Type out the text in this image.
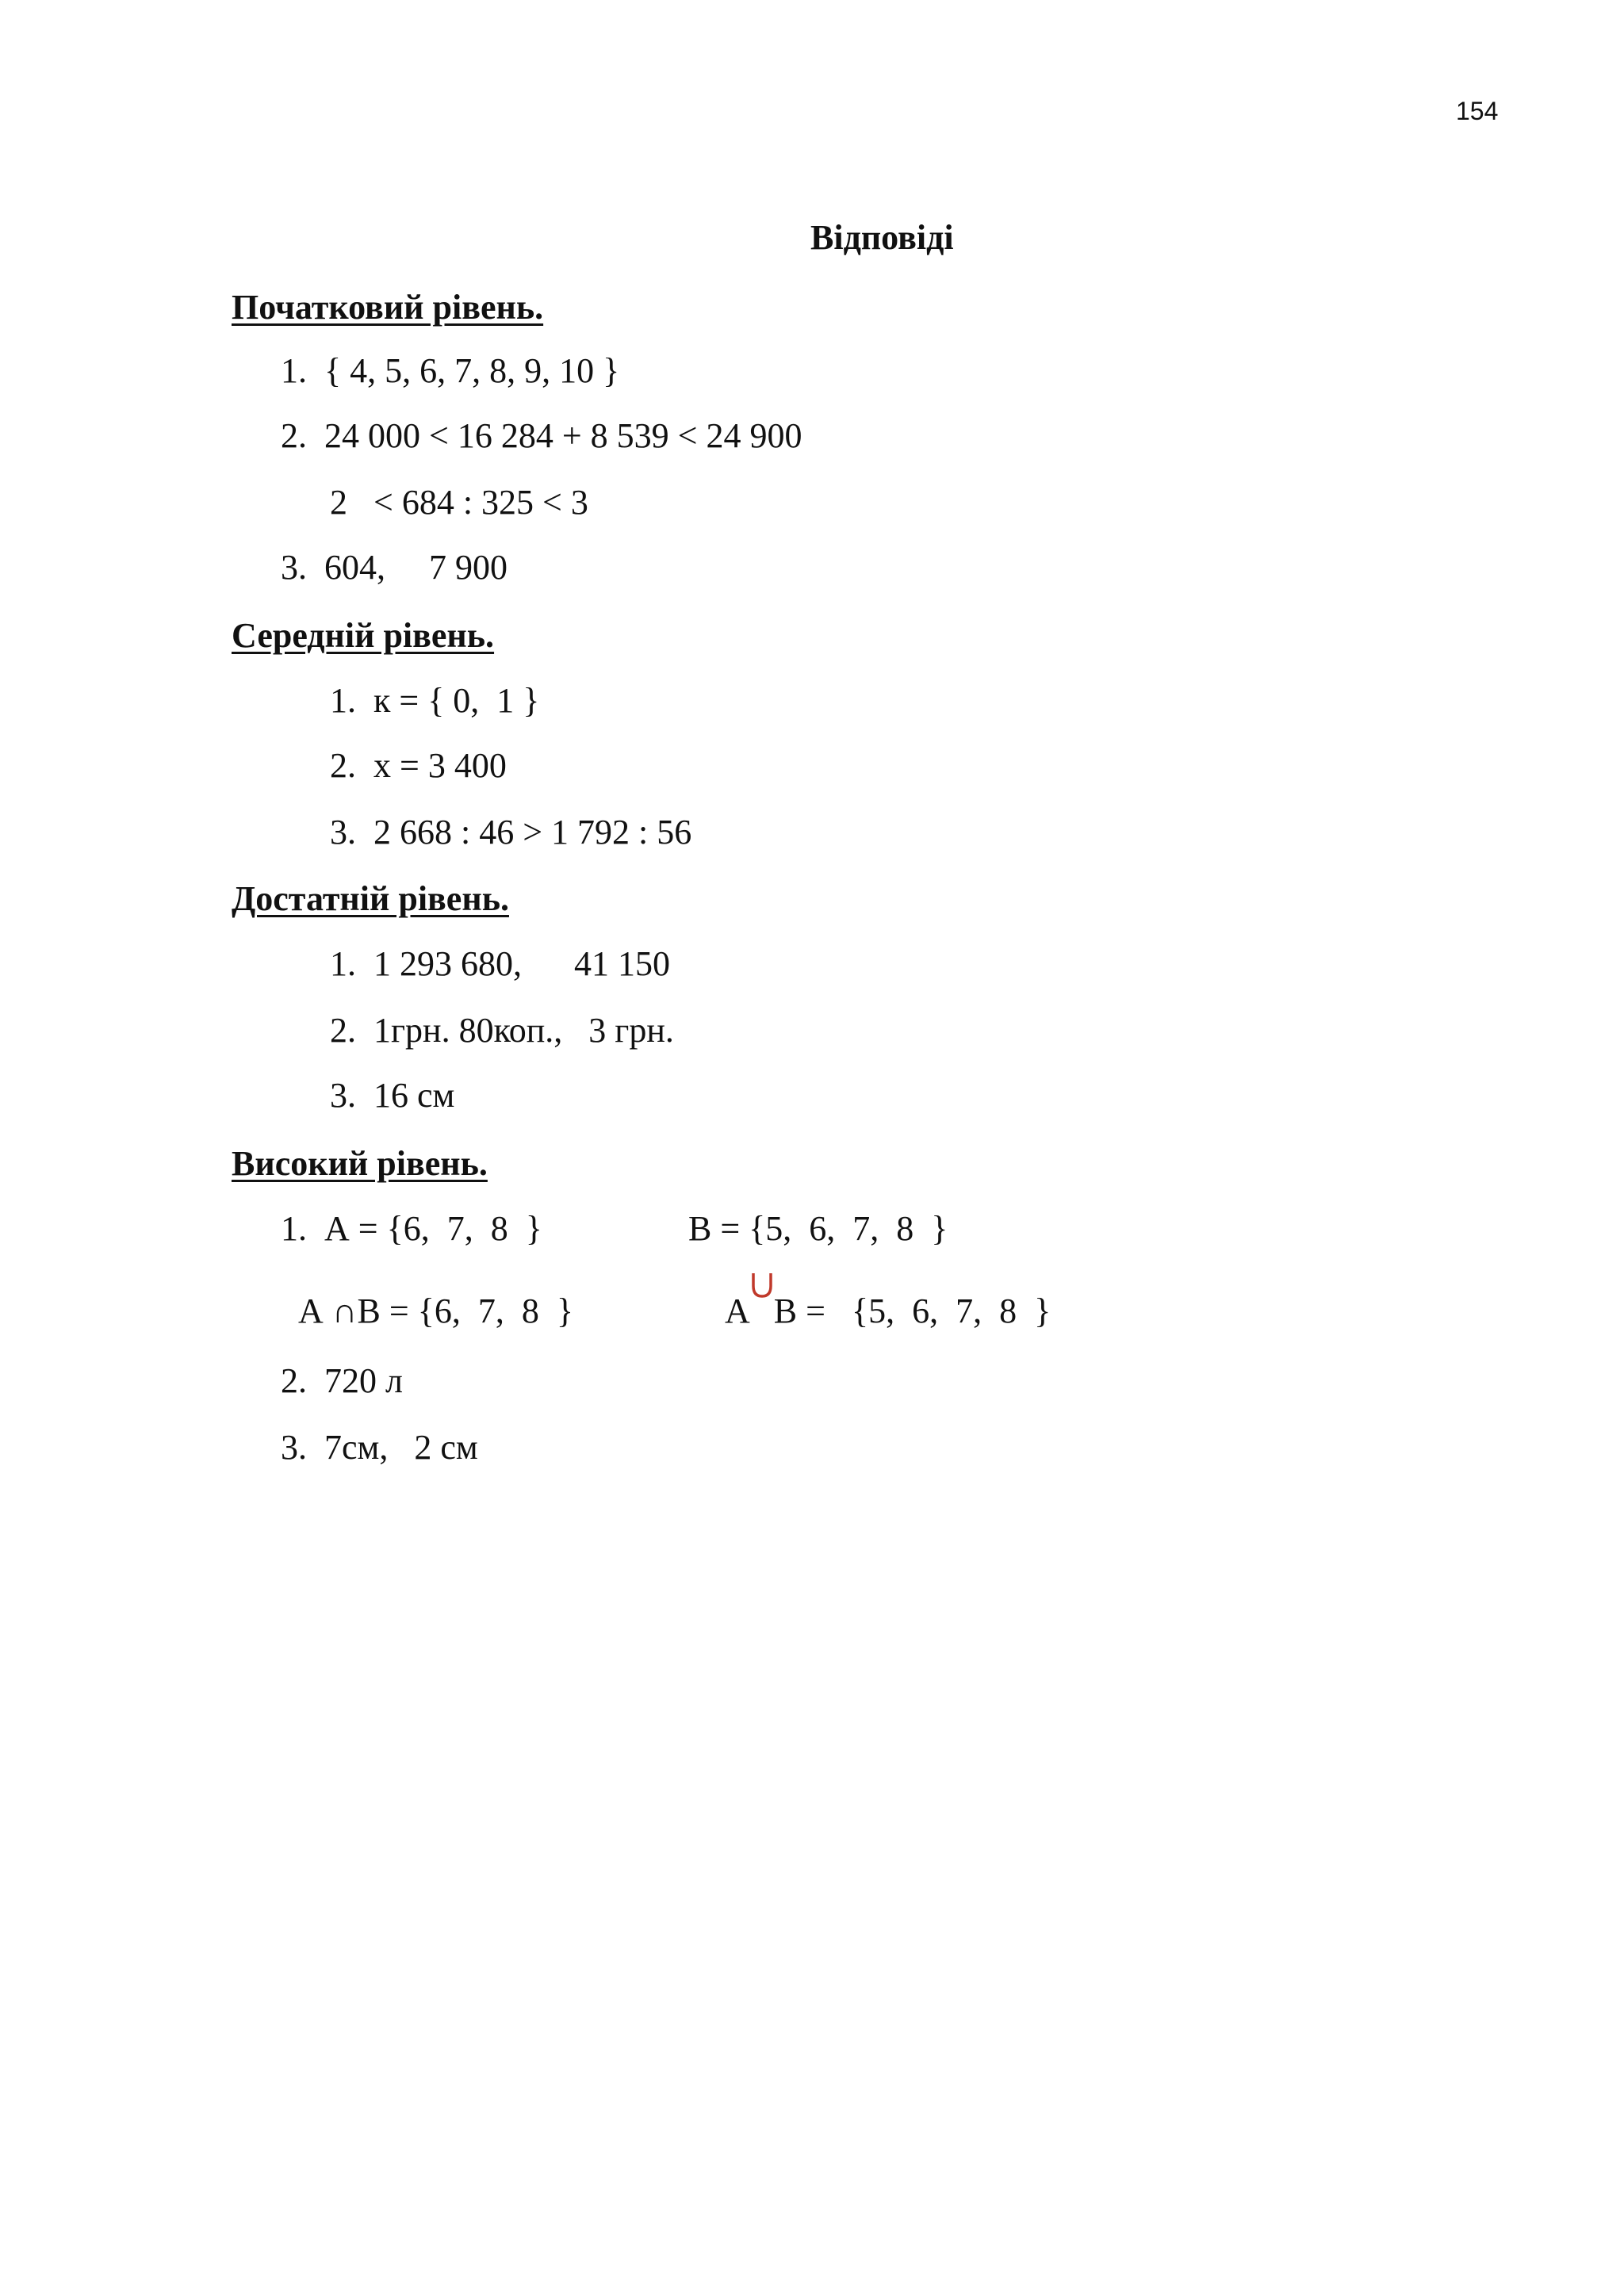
154
Відповіді
Початковий рівень.
1.  { 4, 5, 6, 7, 8, 9, 10 }
2.  24 000 < 16 284 + 8 539 < 24 900
2   < 684 : 325 < 3
3.  604,     7 900
Середній рівень.
1.  к = { 0,  1 }
2.  х = 3 400
3.  2 668 : 46 > 1 792 : 56
Достатній рівень.
1.  1 293 680,      41 150
2.  1грн. 80коп.,   3 грн.
3.  16 см
Високий рівень.
1.  А = {6,  7,  8  }	В = {5,  6,  7,  8  }
А ∩В = {6,  7,  8  }	А В =   {5,  6,  7,  8  }
2.  720 л
3.  7см,   2 см
